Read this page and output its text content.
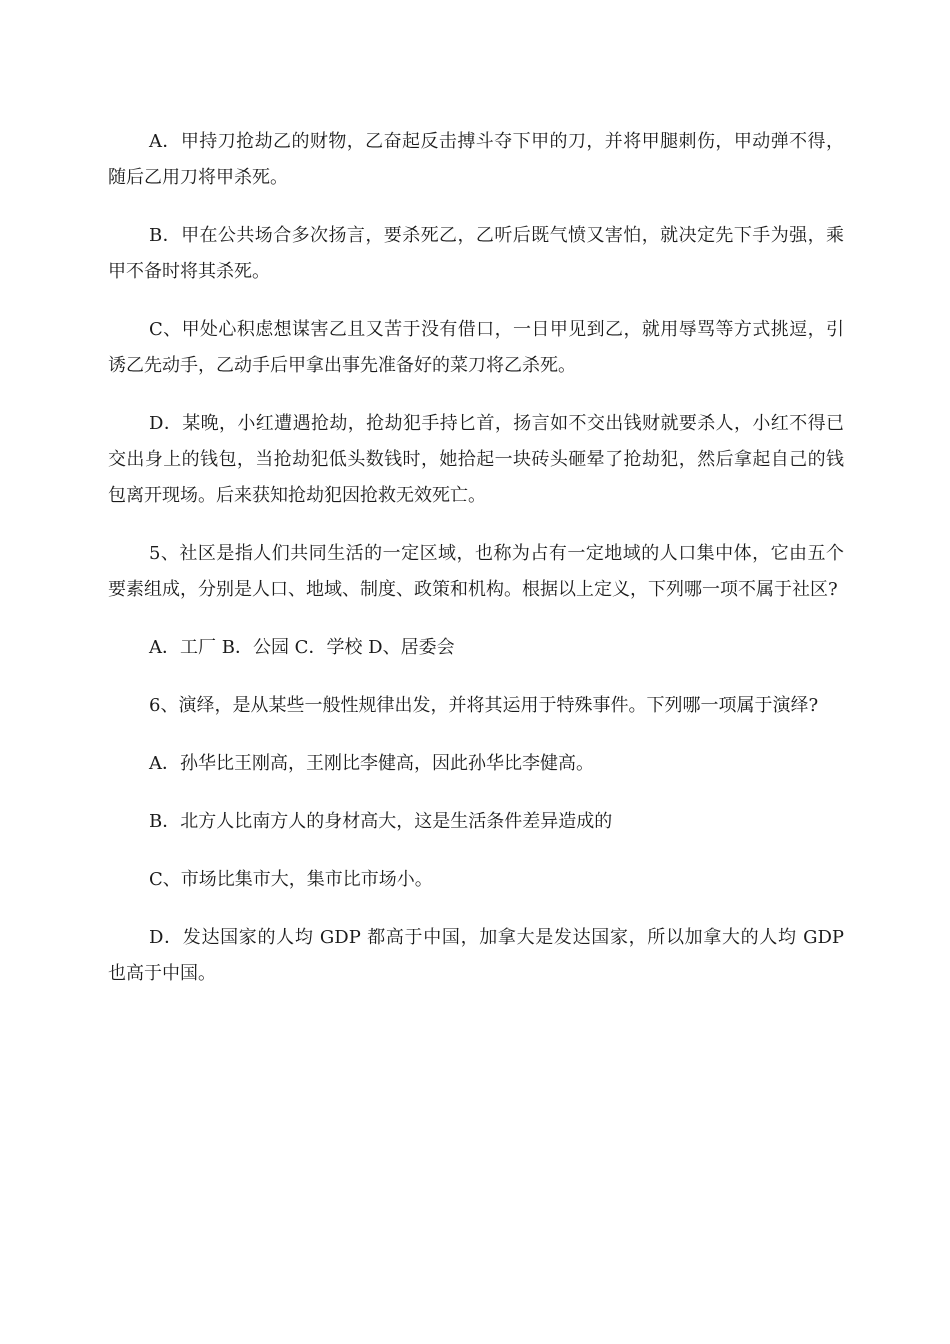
A．甲持刀抢劫乙的财物，乙奋起反击搏斗夺下甲的刀，并将甲腿刺伤，甲动弹不得，随后乙用刀将甲杀死。

B．甲在公共场合多次扬言，要杀死乙，乙听后既气愤又害怕，就决定先下手为强，乘甲不备时将其杀死。

C、甲处心积虑想谋害乙且又苦于没有借口，一日甲见到乙，就用辱骂等方式挑逗，引诱乙先动手，乙动手后甲拿出事先准备好的菜刀将乙杀死。

D．某晚，小红遭遇抢劫，抢劫犯手持匕首，扬言如不交出钱财就要杀人，小红不得已交出身上的钱包，当抢劫犯低头数钱时，她拾起一块砖头砸晕了抢劫犯，然后拿起自己的钱包离开现场。后来获知抢劫犯因抢救无效死亡。

5、社区是指人们共同生活的一定区域，也称为占有一定地域的人口集中体，它由五个要素组成，分别是人口、地域、制度、政策和机构。根据以上定义，下列哪一项不属于社区?

A．工厂 B．公园 C．学校 D、居委会

6、演绎，是从某些一般性规律出发，并将其运用于特殊事件。下列哪一项属于演绎?

A．孙华比王刚高，王刚比李健高，因此孙华比李健高。

B．北方人比南方人的身材高大，这是生活条件差异造成的

C、市场比集市大，集市比市场小。

D．发达国家的人均 GDP 都高于中国，加拿大是发达国家，所以加拿大的人均 GDP 也高于中国。
